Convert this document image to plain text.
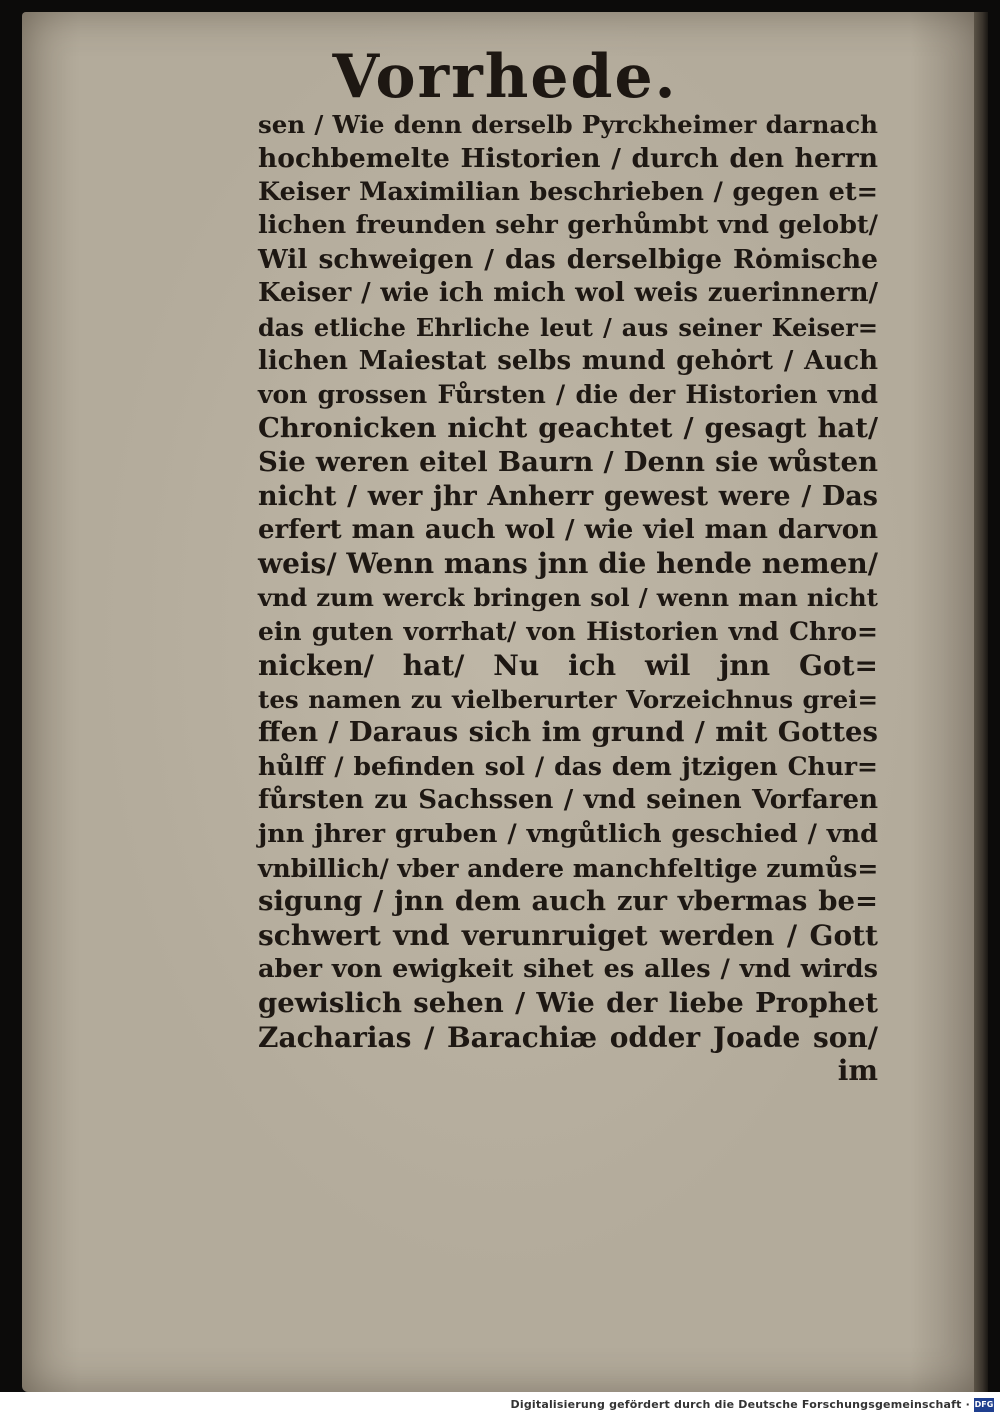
Vorrhede.
sen / Wie denn derselb Pyrckheimer darnach
hochbemelte Historien / durch den herrn
Keiser Maximilian beschrieben / gegen et=
lichen freunden sehr gerhůmbt vnd gelobt/
Wil schweigen / das derselbige Rȯmische
Keiser / wie ich mich wol weis zuerinnern/
das etliche Ehrliche leut / aus seiner Keiser=
lichen Maiestat selbs mund gehȯrt / Auch
von grossen Fůrsten / die der Historien vnd
Chronicken nicht geachtet / gesagt hat/
Sie weren eitel Baurn / Denn sie wůsten
nicht / wer jhr Anherr gewest were / Das
erfert man auch wol / wie viel man darvon
weis/ Wenn mans jnn die hende nemen/
vnd zum werck bringen sol / wenn man nicht
ein guten vorrhat/ von Historien vnd Chro=
nicken/ hat/ Nu ich wil jnn Got=
tes namen zu vielberurter Vorzeichnus grei=
ffen / Daraus sich im grund / mit Gottes
hůlff / befinden sol / das dem jtzigen Chur=
fůrsten zu Sachssen / vnd seinen Vorfaren
jnn jhrer gruben / vngůtlich geschied / vnd
vnbillich/ vber andere manchfeltige zumůs=
sigung / jnn dem auch zur vbermas be=
schwert vnd verunruiget werden / Gott
aber von ewigkeit sihet es alles / vnd wirds
gewislich sehen / Wie der liebe Prophet
Zacharias / Barachiæ odder Joade son/
im
Digitalisierung gefördert durch die Deutsche Forschungsgemeinschaft · DFG
